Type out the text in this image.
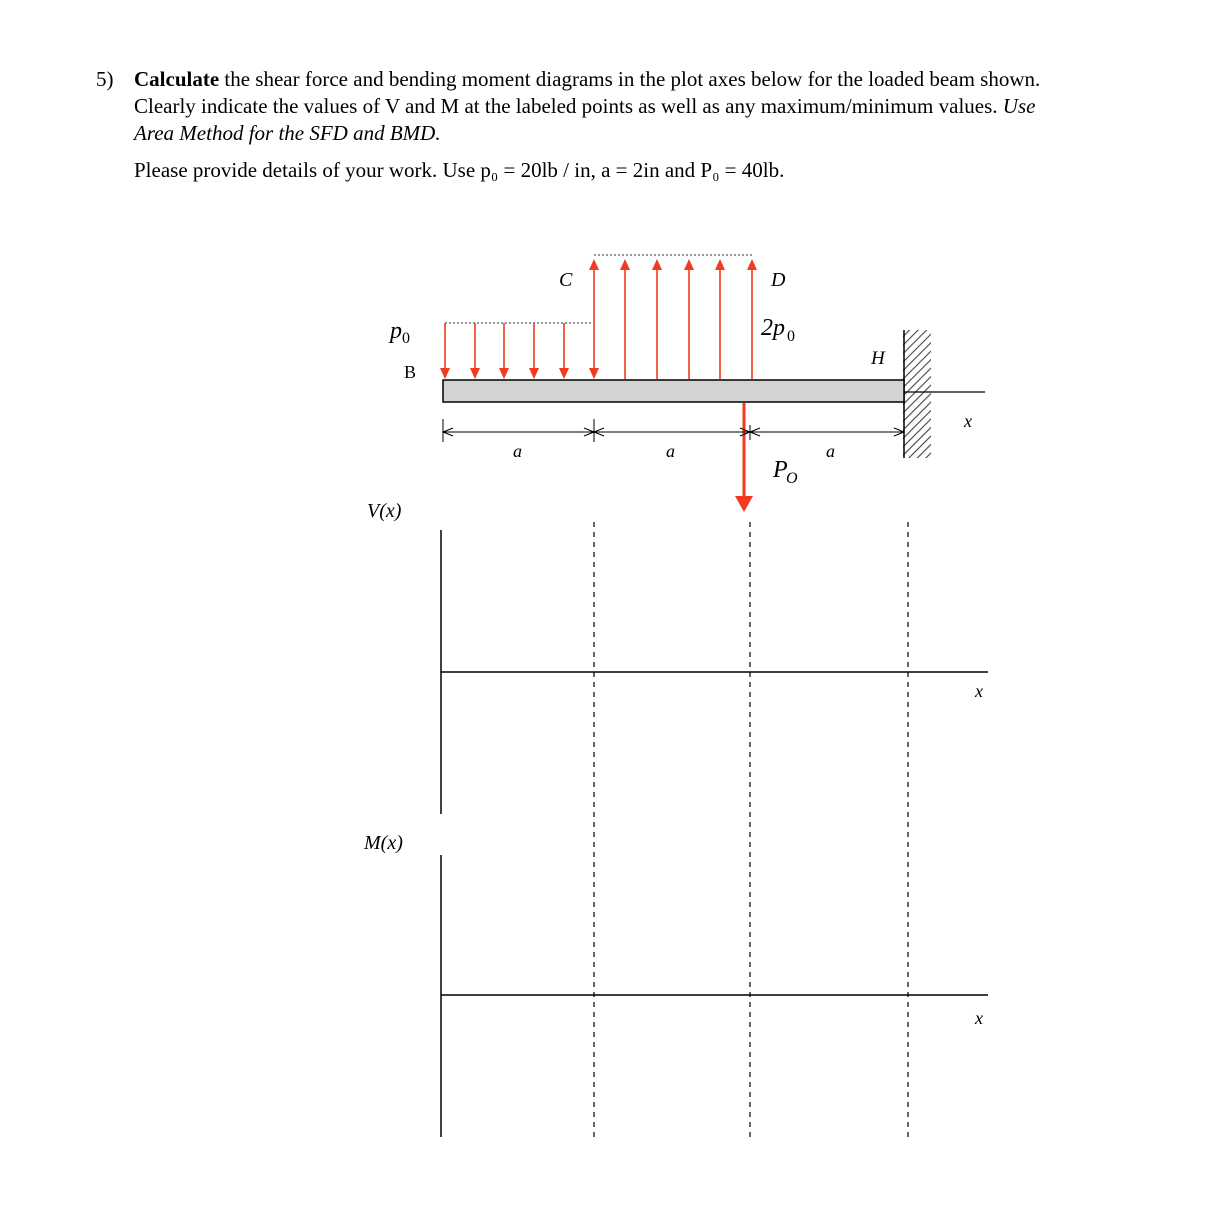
5) Calculate the shear force and bending moment diagrams in the plot axes below for the loaded beam shown.
Clearly indicate the values of V and M at the labeled points as well as any maximum/minimum values. Use
Area Method for the SFD and BMD.
Please provide details of your work. Use p₀ = 20lb / in, a = 2in and P₀ = 40lb.
C	D
H
B
p 0	2p 0
P
O
a	a	a
x
V(x)
x
M(x)
x
